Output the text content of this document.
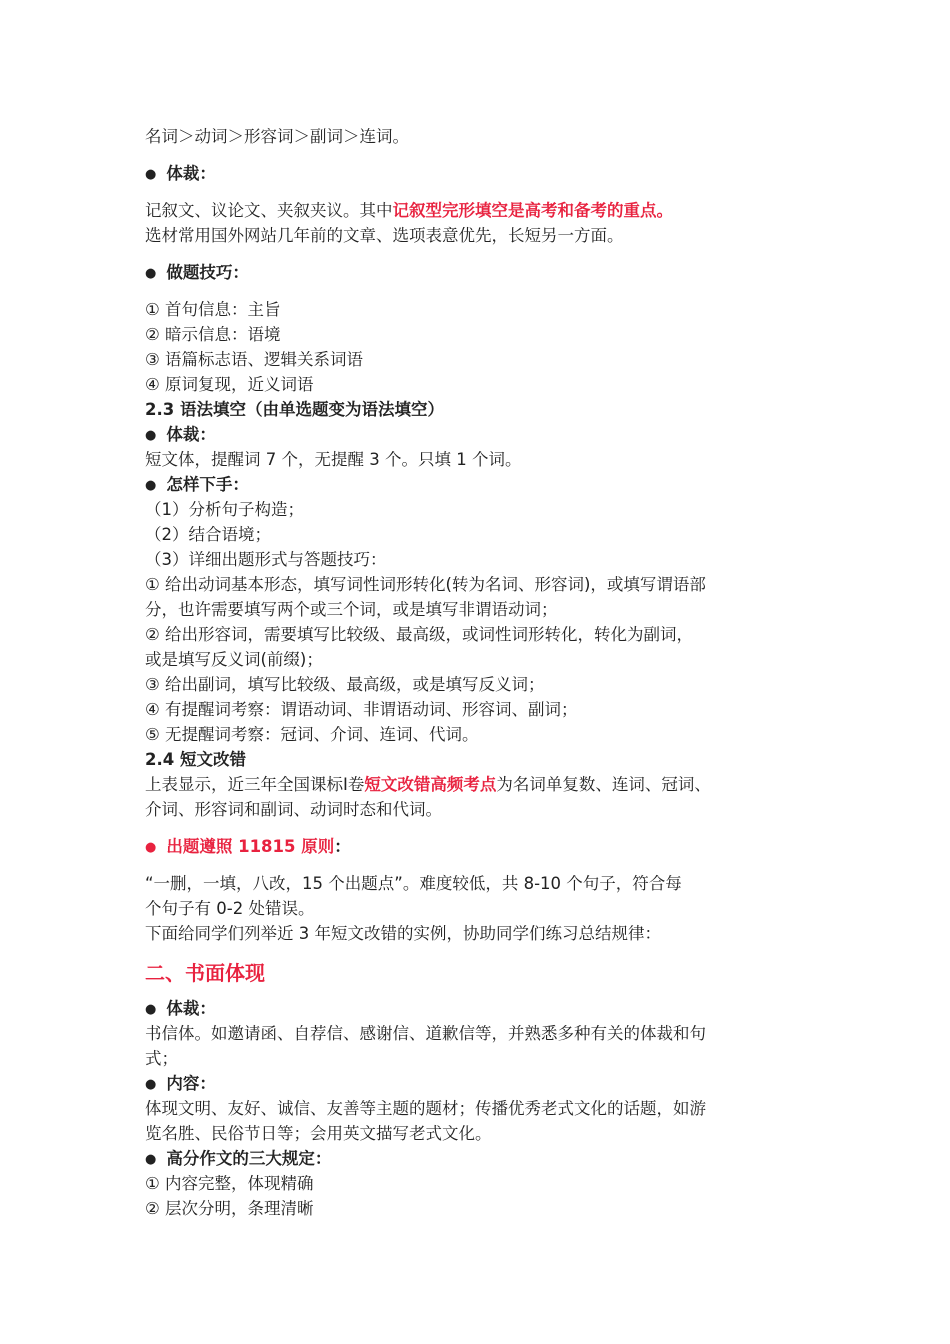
名词＞动词＞形容词＞副词＞连词。
● 体裁：
记叙文、议论文、夹叙夹议。其中记叙型完形填空是高考和备考的重点。
选材常用国外网站几年前的文章、选项表意优先，长短另一方面。
● 做题技巧：
① 首句信息：主旨
② 暗示信息：语境
③ 语篇标志语、逻辑关系词语
④ 原词复现，近义词语
2.3 语法填空（由单选题变为语法填空）
● 体裁：
短文体，提醒词 7 个，无提醒 3 个。只填 1 个词。
● 怎样下手：
（1）分析句子构造；
（2）结合语境；
（3）详细出题形式与答题技巧：
① 给出动词基本形态，填写词性词形转化(转为名词、形容词)，或填写谓语部
分，也许需要填写两个或三个词，或是填写非谓语动词；
② 给出形容词，需要填写比较级、最高级，或词性词形转化，转化为副词，
或是填写反义词(前缀)；
③ 给出副词，填写比较级、最高级，或是填写反义词；
④ 有提醒词考察：谓语动词、非谓语动词、形容词、副词；
⑤ 无提醒词考察：冠词、介词、连词、代词。
2.4 短文改错
上表显示，近三年全国课标Ⅰ卷短文改错高频考点为名词单复数、连词、冠词、
介词、形容词和副词、动词时态和代词。
● 出题遵照 11815 原则：
“一删，一填，八改，15 个出题点”。难度较低，共 8-10 个句子，符合每
个句子有 0-2 处错误。
下面给同学们列举近 3 年短文改错的实例，协助同学们练习总结规律：
二、书面体现
● 体裁：
书信体。如邀请函、自荐信、感谢信、道歉信等，并熟悉多种有关的体裁和句
式；
● 内容：
体现文明、友好、诚信、友善等主题的题材；传播优秀老式文化的话题，如游
览名胜、民俗节日等；会用英文描写老式文化。
● 高分作文的三大规定：
① 内容完整，体现精确
② 层次分明，条理清晰
